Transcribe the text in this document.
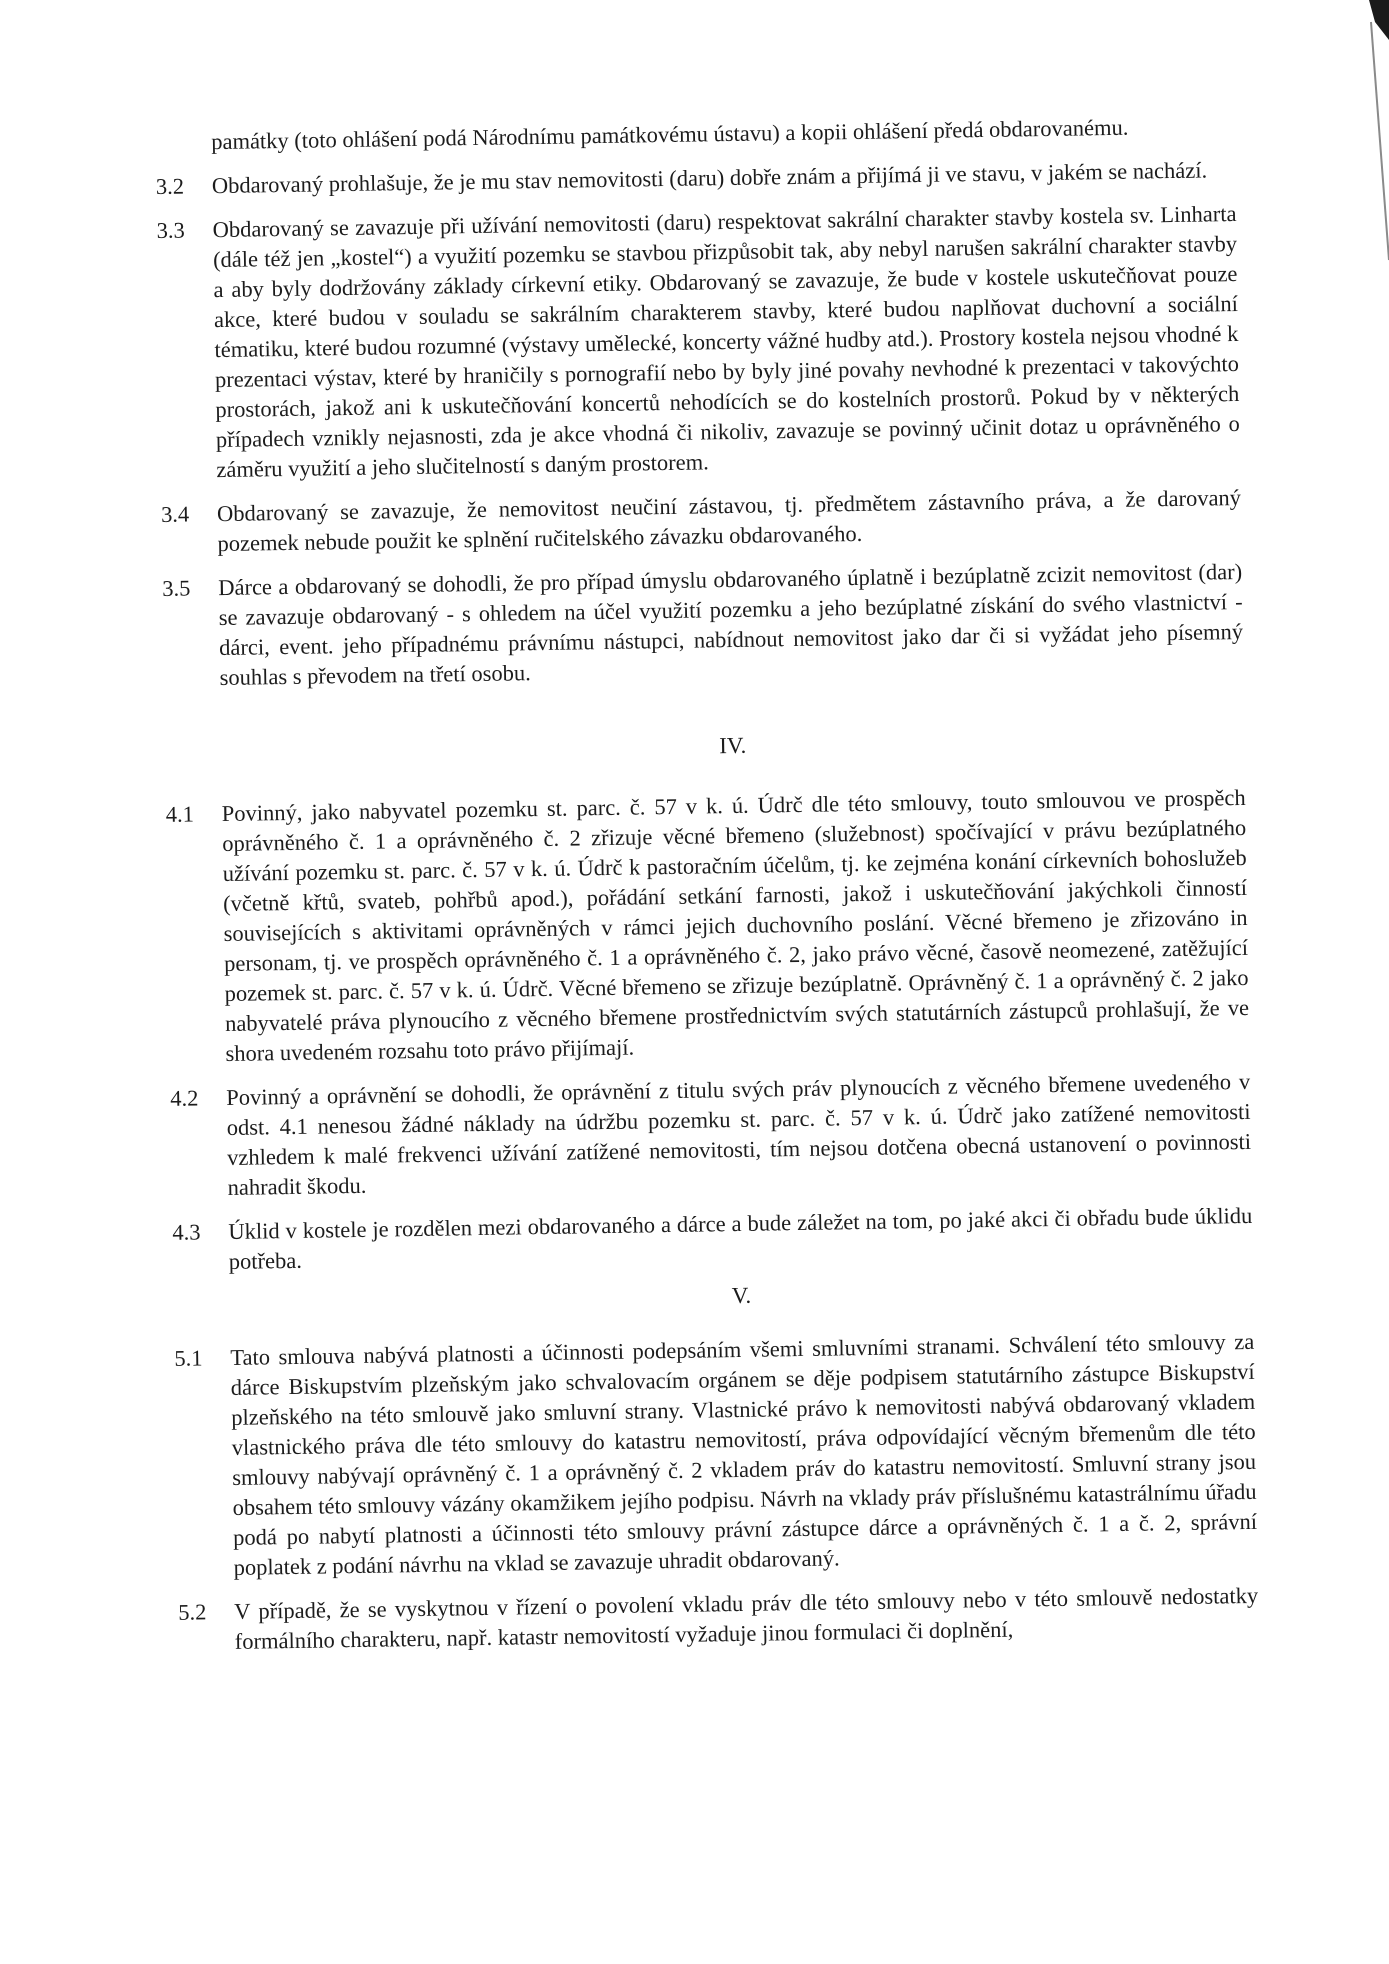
památky (toto ohlášení podá Národnímu památkovému ústavu) a kopii ohlášení předá obdarovanému.

3.2	Obdarovaný prohlašuje, že je mu stav nemovitosti (daru) dobře znám a přijímá ji ve stavu, v jakém se nachází.

3.3	Obdarovaný se zavazuje při užívání nemovitosti (daru) respektovat sakrální charakter stavby kostela sv. Linharta (dále též jen „kostel“) a využití pozemku se stavbou přizpůsobit tak, aby nebyl narušen sakrální charakter stavby a aby byly dodržovány základy církevní etiky. Obdarovaný se zavazuje, že bude v kostele uskutečňovat pouze akce, které budou v souladu se sakrálním charakterem stavby, které budou naplňovat duchovní a sociální tématiku, které budou rozumné (výstavy umělecké, koncerty vážné hudby atd.). Prostory kostela nejsou vhodné k prezentaci výstav, které by hraničily s pornografií nebo by byly jiné povahy nevhodné k prezentaci v takovýchto prostorách, jakož ani k uskutečňování koncertů nehodících se do kostelních prostorů. Pokud by v některých případech vznikly nejasnosti, zda je akce vhodná či nikoliv, zavazuje se povinný učinit dotaz u oprávněného o záměru využití a jeho slučitelností s daným prostorem.

3.4	Obdarovaný se zavazuje, že nemovitost neučiní zástavou, tj. předmětem zástavního práva, a že darovaný pozemek nebude použit ke splnění ručitelského závazku obdarovaného.

3.5	Dárce a obdarovaný se dohodli, že pro případ úmyslu obdarovaného úplatně i bezúplatně zcizit nemovitost (dar) se zavazuje obdarovaný - s ohledem na účel využití pozemku a jeho bezúplatné získání do svého vlastnictví - dárci, event. jeho případnému právnímu nástupci, nabídnout nemovitost jako dar či si vyžádat jeho písemný souhlas s převodem na třetí osobu.

IV.

4.1	Povinný, jako nabyvatel pozemku st. parc. č. 57 v k. ú. Údrč dle této smlouvy, touto smlouvou ve prospěch oprávněného č. 1 a oprávněného č. 2 zřizuje věcné břemeno (služebnost) spočívající v právu bezúplatného užívání pozemku st. parc. č. 57 v k. ú. Údrč k pastoračním účelům, tj. ke zejména konání církevních bohoslužeb (včetně křtů, svateb, pohřbů apod.), pořádání setkání farnosti, jakož i uskutečňování jakýchkoli činností souvisejících s aktivitami oprávněných v rámci jejich duchovního poslání. Věcné břemeno je zřizováno in personam, tj. ve prospěch oprávněného č. 1 a oprávněného č. 2, jako právo věcné, časově neomezené, zatěžující pozemek st. parc. č. 57 v k. ú. Údrč. Věcné břemeno se zřizuje bezúplatně. Oprávněný č. 1 a oprávněný č. 2 jako nabyvatelé práva plynoucího z věcného břemene prostřednictvím svých statutárních zástupců prohlašují, že ve shora uvedeném rozsahu toto právo přijímají.

4.2	Povinný a oprávnění se dohodli, že oprávnění z titulu svých práv plynoucích z věcného břemene uvedeného v odst. 4.1 nenesou žádné náklady na údržbu pozemku st. parc. č. 57 v k. ú. Údrč jako zatížené nemovitosti vzhledem k malé frekvenci užívání zatížené nemovitosti, tím nejsou dotčena obecná ustanovení o povinnosti nahradit škodu.

4.3	Úklid v kostele je rozdělen mezi obdarovaného a dárce a bude záležet na tom, po jaké akci či obřadu bude úklidu potřeba.

V.

5.1	Tato smlouva nabývá platnosti a účinnosti podepsáním všemi smluvními stranami. Schválení této smlouvy za dárce Biskupstvím plzeňským jako schvalovacím orgánem se děje podpisem statutárního zástupce Biskupství plzeňského na této smlouvě jako smluvní strany. Vlastnické právo k nemovitosti nabývá obdarovaný vkladem vlastnického práva dle této smlouvy do katastru nemovitostí, práva odpovídající věcným břemenům dle této smlouvy nabývají oprávněný č. 1 a oprávněný č. 2 vkladem práv do katastru nemovitostí. Smluvní strany jsou obsahem této smlouvy vázány okamžikem jejího podpisu. Návrh na vklady práv příslušnému katastrálnímu úřadu podá po nabytí platnosti a účinnosti této smlouvy právní zástupce dárce a oprávněných č. 1 a č. 2, správní poplatek z podání návrhu na vklad se zavazuje uhradit obdarovaný.

5.2	V případě, že se vyskytnou v řízení o povolení vkladu práv dle této smlouvy nebo v této smlouvě nedostatky formálního charakteru, např. katastr nemovitostí vyžaduje jinou formulaci či doplnění,
